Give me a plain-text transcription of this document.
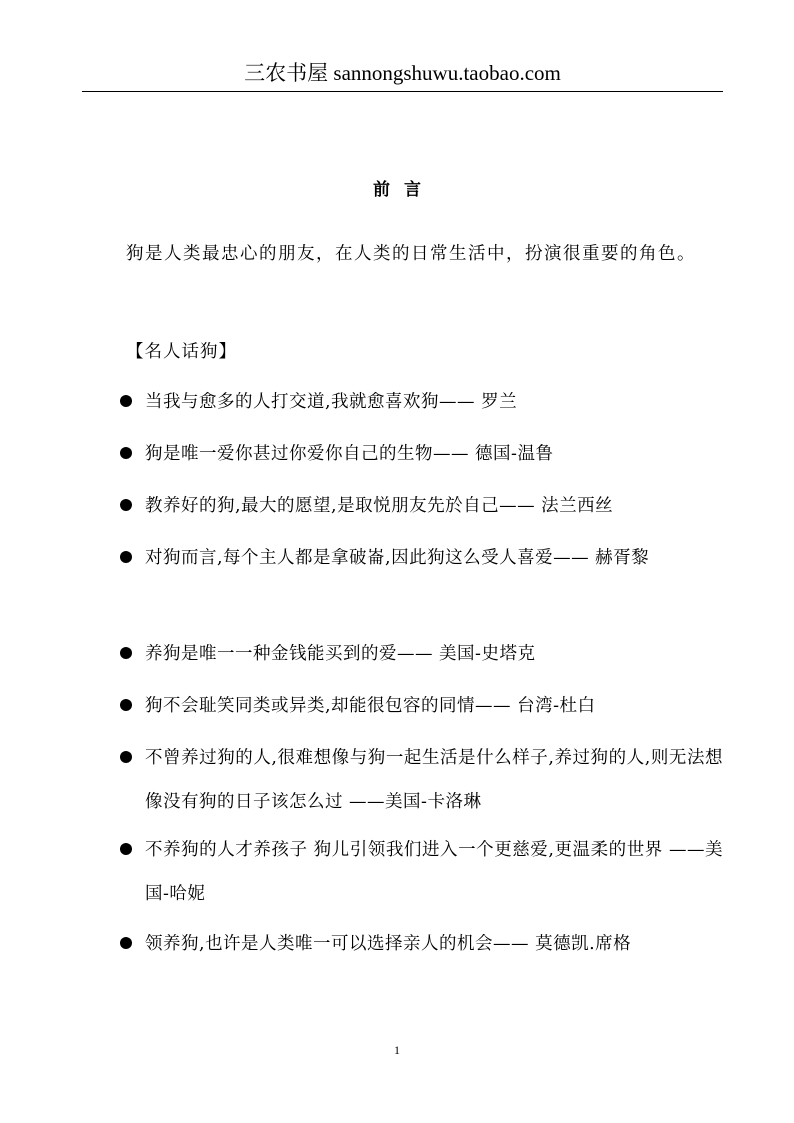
三农书屋 sannongshuwu.taobao.com
前言
狗是人类最忠心的朋友，在人类的日常生活中，扮演很重要的角色。
【名人话狗】
当我与愈多的人打交道,我就愈喜欢狗—— 罗兰
狗是唯一爱你甚过你爱你自己的生物—— 德国-温鲁
教养好的狗,最大的愿望,是取悦朋友先於自己—— 法兰西丝
对狗而言,每个主人都是拿破崙,因此狗这么受人喜爱—— 赫胥黎
养狗是唯一一种金钱能买到的爱—— 美国-史塔克
狗不会耻笑同类或异类,却能很包容的同情—— 台湾-杜白
不曾养过狗的人,很难想像与狗一起生活是什么样子,养过狗的人,则无法想像没有狗的日子该怎么过 ——美国-卡洛琳
不养狗的人才养孩子 狗儿引领我们进入一个更慈爱,更温柔的世界 ——美国-哈妮
领养狗,也许是人类唯一可以选择亲人的机会—— 莫德凯.席格
1
